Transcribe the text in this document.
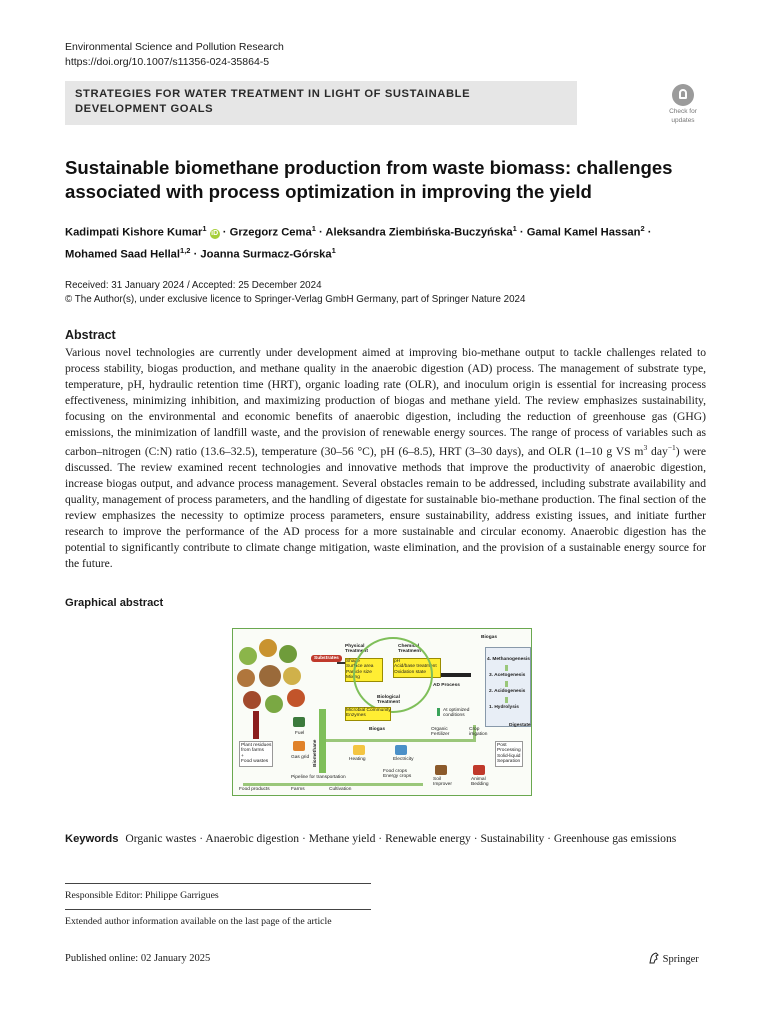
Environmental Science and Pollution Research
https://doi.org/10.1007/s11356-024-35864-5
STRATEGIES FOR WATER TREATMENT IN LIGHT OF SUSTAINABLE DEVELOPMENT GOALS	Check for
updates
Sustainable biomethane production from waste biomass: challenges associated with process optimization in improving the yield
Kadimpati Kishore Kumar$^1$ iD · Grzegorz Cema$^1$ · Aleksandra Ziembińska-Buczyńska$^1$ · Gamal Kamel Hassan$^2$ ·
Mohamed Saad Hellal$^{1,2}$ · Joanna Surmacz-Górska$^1$
Received: 31 January 2024 / Accepted: 25 December 2024
© The Author(s), under exclusive licence to Springer-Verlag GmbH Germany, part of Springer Nature 2024
Abstract
Various novel technologies are currently under development aimed at improving bio-methane output to tackle challenges related to process stability, biogas production, and methane quality in the anaerobic digestion (AD) process. The management of substrate type, temperature, pH, hydraulic retention time (HRT), organic loading rate (OLR), and inoculum origin is essential for increasing process effectiveness, minimizing inhibition, and maximizing production of biogas and methane yield. The review emphasizes sustainability, focusing on the environmental and economic benefits of anaerobic digestion, including the reduction of greenhouse gas (GHG) emissions, the minimization of landfill waste, and the provision of renewable energy sources. The range of process of variables such as carbon–nitrogen (C:N) ratio (13.6–32.5), temperature (30–56 °C), pH (6–8.5), HRT (3–30 days), and OLR (1–10 g VS $m^3$ day$^{-1}$) were discussed. The review examined recent technologies and innovative methods that improve the productivity of anaerobic digestion, increase biogas output, and advance process management. Several obstacles remain to be addressed, including substrate availability and quality, management of process parameters, and the handling of digestate for sustainable bio-methane production. The final section of the review emphasizes the necessity to optimize process parameters, ensure sustainability, address existing issues, and initiate further research to improve the performance of the AD process for a more sustainable and circular economy. Anaerobic digestion has the potential to significantly contribute to climate change mitigation, waste elimination, and the provision of a sustainable energy source for the future.
Graphical abstract
Substrates
Physical
Treatment
Shape
Surface area
Particle size
Mixing
Chemical
Treatment
pH
Acid/base treatment
Oxidation state
AD Process
Biological
Treatment
Microbial Community
Enzymes
At optimized
conditions
Biogas
4. Methanogenesis
3. Acetogenesis
2. Acidogenesis
1. Hydrolysis
Digestate
Plant residues
from farms
+
Food wastes
Fuel
Gas grid Biomethane
Biogas
Heating	Electricity
Organic
Fertilizer
Crop
irrigation
Post
Processing
Solid-liquid
Separation
Food crops
Energy crops
Soil
Improver
Animal
Bedding
Pipeline for transportation
Food products	Farms	Cultivation
Keywords Organic wastes · Anaerobic digestion · Methane yield · Renewable energy · Sustainability · Greenhouse gas emissions
Responsible Editor: Philippe Garrigues
Extended author information available on the last page of the article
Published online: 02 January 2025	Springer
